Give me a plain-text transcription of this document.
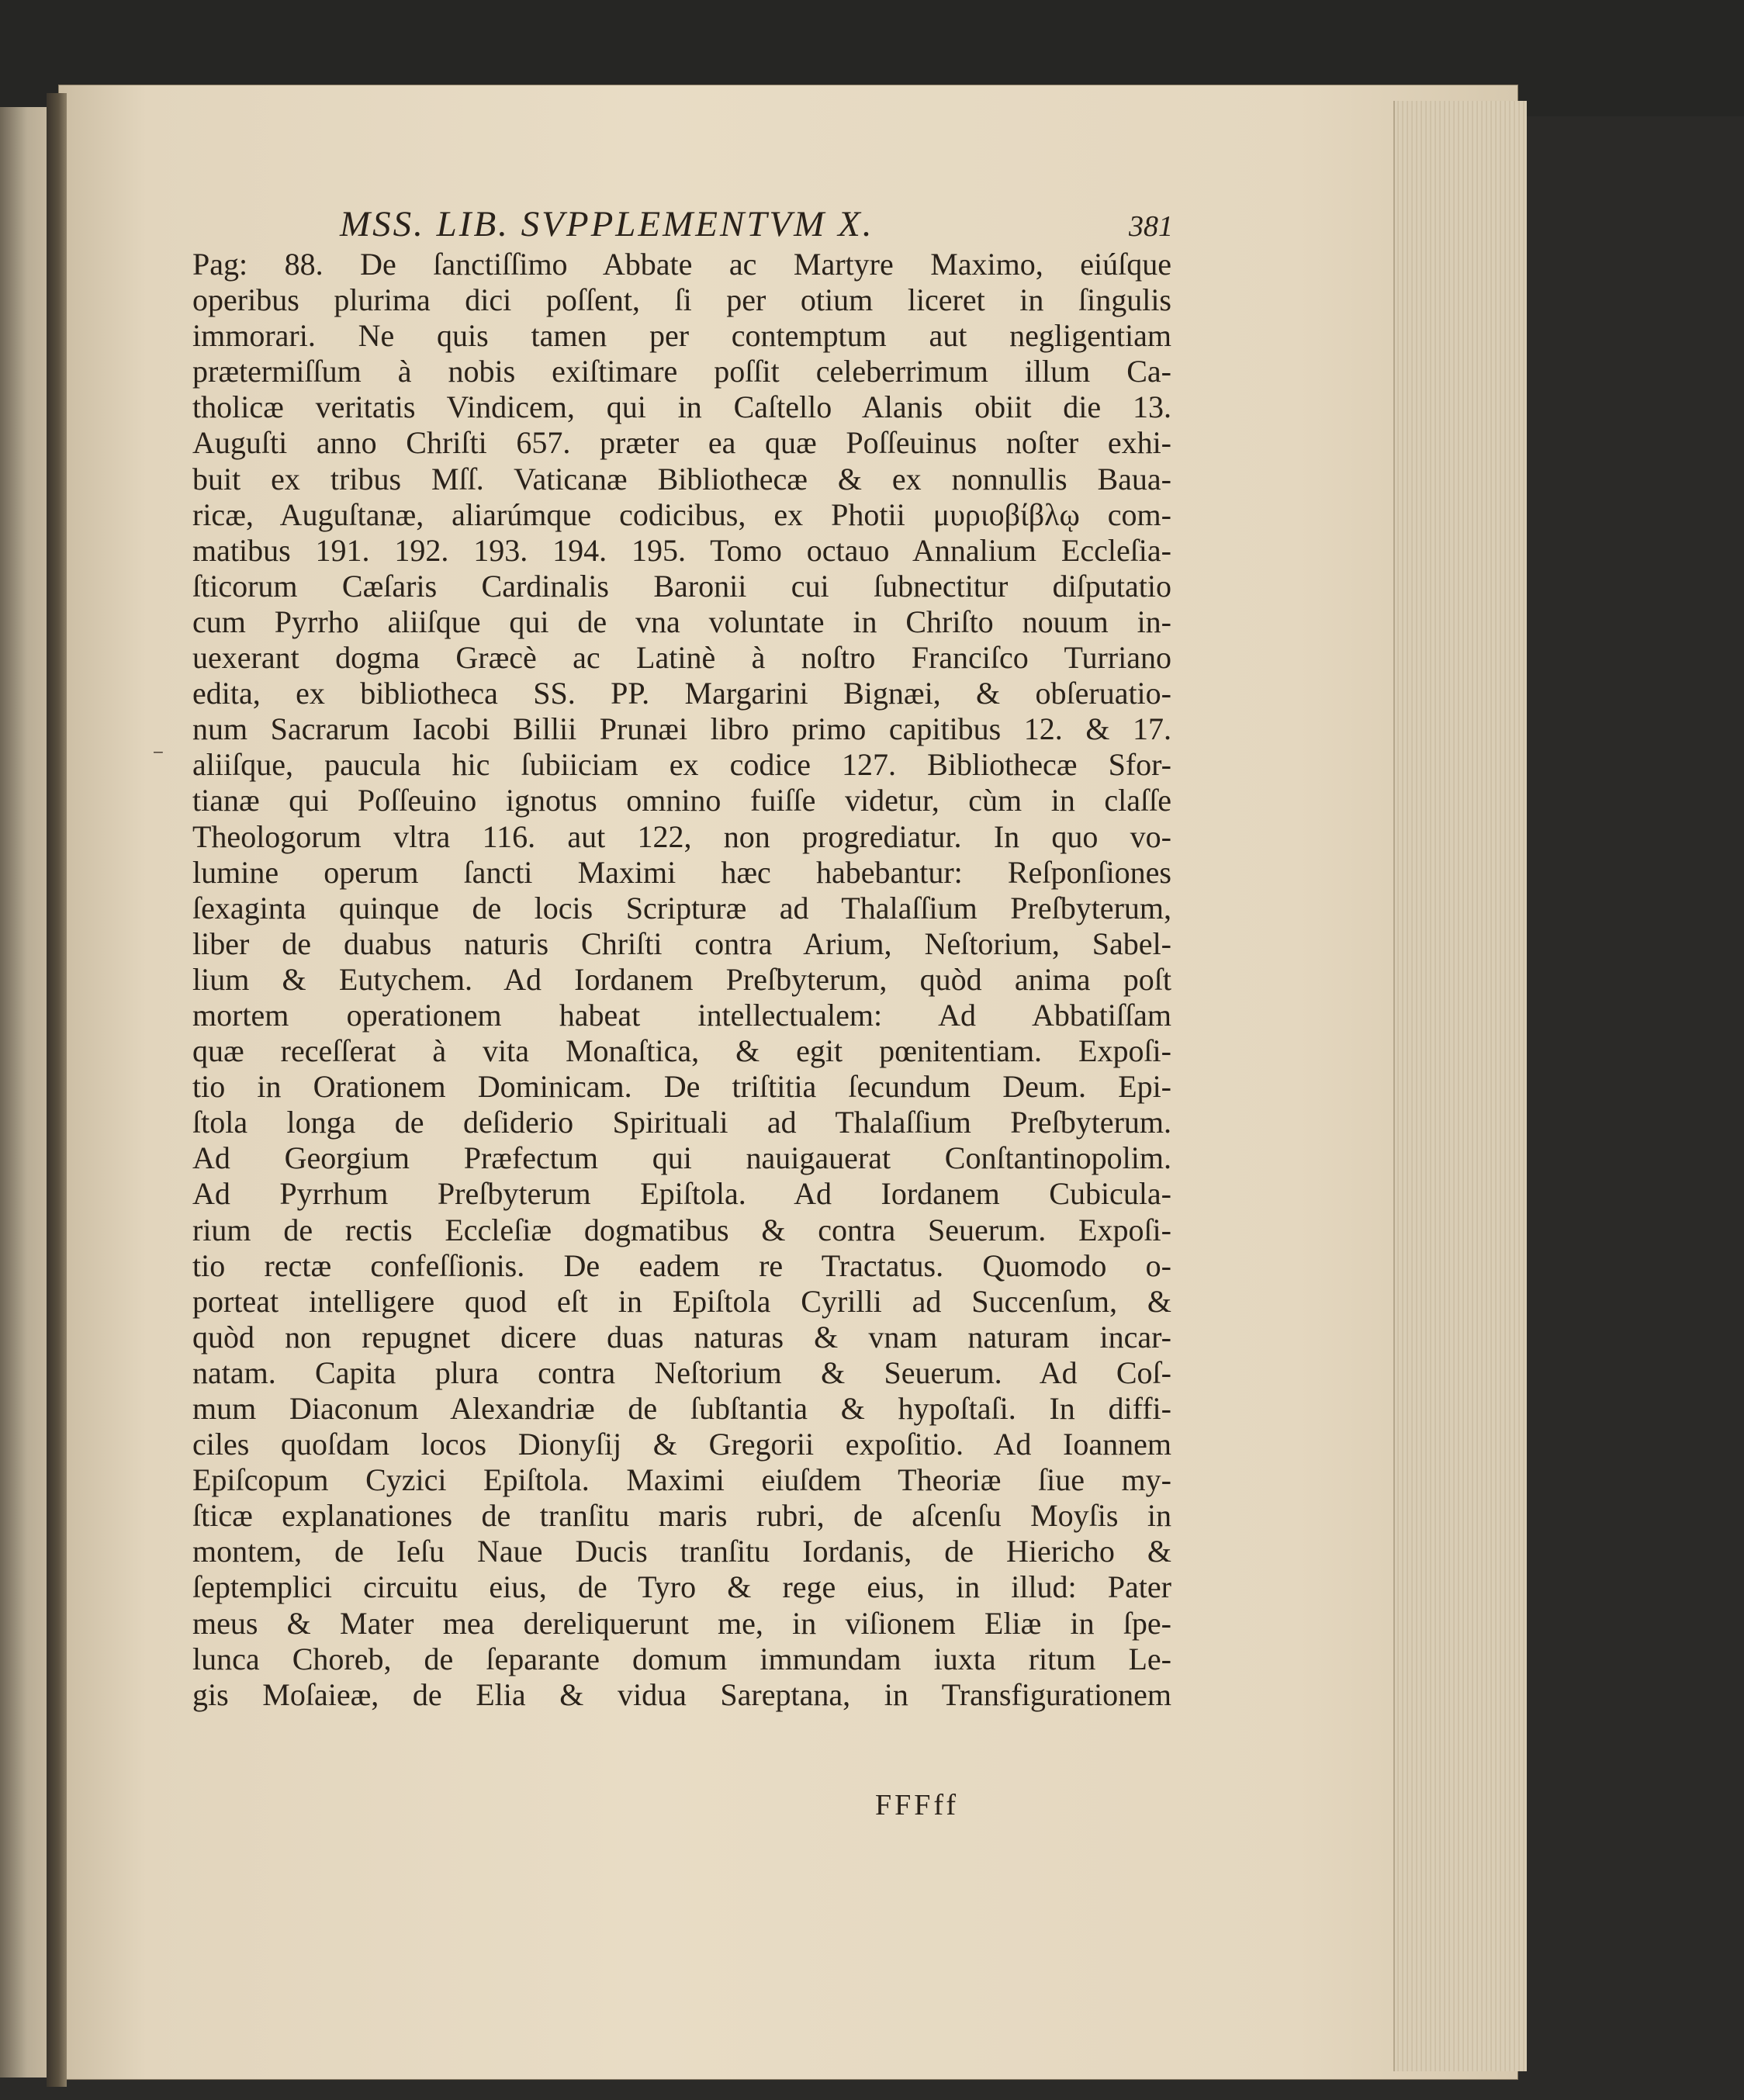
MSS. LIB. SVPPLEMENTVM X.	381
Pag: 88. De ſanctiſſimo Abbate ac Martyre Maximo, eiúſque
operibus plurima dici poſſent, ſi per otium liceret in ſingulis
immorari. Ne quis tamen per contemptum aut negligentiam
prætermiſſum à nobis exiſtimare poſſit celeberrimum illum Ca-
tholicæ veritatis Vindicem, qui in Caſtello Alanis obiit die 13.
Auguſti anno Chriſti 657. præter ea quæ Poſſeuinus noſter exhi-
buit ex tribus Mſſ. Vaticanæ Bibliothecæ & ex nonnullis Baua-
ricæ, Auguſtanæ, aliarúmque codicibus, ex Photii μυριοβίβλῳ com-
matibus 191. 192. 193. 194. 195. Tomo octauo Annalium Eccleſia-
ſticorum Cæſaris Cardinalis Baronii cui ſubnectitur diſputatio
cum Pyrrho aliiſque qui de vna voluntate in Chriſto nouum in-
uexerant dogma Græcè ac Latinè à noſtro Franciſco Turriano
edita, ex bibliotheca SS. PP. Margarini Bignæi, & obſeruatio-
num Sacrarum Iacobi Billii Prunæi libro primo capitibus 12. & 17.
aliiſque, paucula hic ſubiiciam ex codice 127. Bibliothecæ Sfor-
tianæ qui Poſſeuino ignotus omnino fuiſſe videtur, cùm in claſſe
Theologorum vltra 116. aut 122, non progrediatur. In quo vo-
lumine operum ſancti Maximi hæc habebantur: Reſponſiones
ſexaginta quinque de locis Scripturæ ad Thalaſſium Preſbyterum,
liber de duabus naturis Chriſti contra Arium, Neſtorium, Sabel-
lium & Eutychem. Ad Iordanem Preſbyterum, quòd anima poſt
mortem operationem habeat intellectualem: Ad Abbatiſſam
quæ receſſerat à vita Monaſtica, & egit pœnitentiam. Expoſi-
tio in Orationem Dominicam. De triſtitia ſecundum Deum. Epi-
ſtola longa de deſiderio Spirituali ad Thalaſſium Preſbyterum.
Ad Georgium Præfectum qui nauigauerat Conſtantinopolim.
Ad Pyrrhum Preſbyterum Epiſtola. Ad Iordanem Cubicula-
rium de rectis Eccleſiæ dogmatibus & contra Seuerum. Expoſi-
tio rectæ confeſſionis. De eadem re Tractatus. Quomodo o-
porteat intelligere quod eſt in Epiſtola Cyrilli ad Succenſum, &
quòd non repugnet dicere duas naturas & vnam naturam incar-
natam. Capita plura contra Neſtorium & Seuerum. Ad Coſ-
mum Diaconum Alexandriæ de ſubſtantia & hypoſtaſi. In diffi-
ciles quoſdam locos Dionyſij & Gregorii expoſitio. Ad Ioannem
Epiſcopum Cyzici Epiſtola. Maximi eiuſdem Theoriæ ſiue my-
ſticæ explanationes de tranſitu maris rubri, de aſcenſu Moyſis in
montem, de Ieſu Naue Ducis tranſitu Iordanis, de Hiericho &
ſeptemplici circuitu eius, de Tyro & rege eius, in illud: Pater
meus & Mater mea dereliquerunt me, in viſionem Eliæ in ſpe-
lunca Choreb, de ſeparante domum immundam iuxta ritum Le-
gis Moſaieæ, de Elia & vidua Sareptana, in Transfigurationem
FFFff
⁻
